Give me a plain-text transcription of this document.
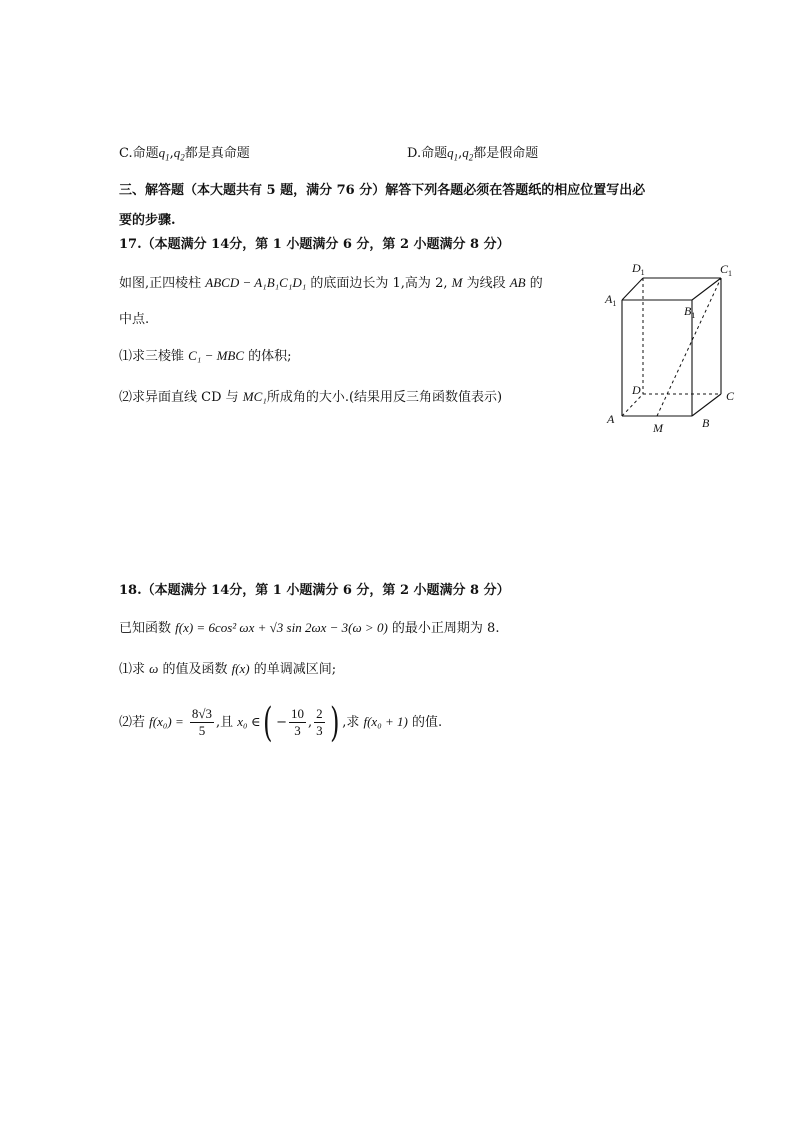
C.命题$q_1,q_2$都是真命题	D.命题$q_1,q_2$都是假命题
三、解答题（本大题共有 5 题，满分 76 分）解答下列各题必须在答题纸的相应位置写出必
要的步骤.
17.（本题满分 14分，第 1 小题满分 6 分，第 2 小题满分 8 分）
如图,正四棱柱 ABCD − A₁B₁C₁D₁ 的底面边长为 1,高为 2, M 为线段 AB 的
中点.
⑴求三棱锥 C₁ − MBC 的体积;
⑵求异面直线 CD 与 MC₁所成角的大小.(结果用反三角函数值表示)
$D_1$	$C_1$
$A_1$
$B_1$
D	C
A
M	B
18.（本题满分 14分，第 1 小题满分 6 分，第 2 小题满分 8 分）
已知函数 f(x) = 6cos² ωx + √3 sin 2ωx − 3(ω > 0) 的最小正周期为 8.
⑴求 ω 的值及函数 f(x) 的单调减区间;
⑵若 $f(x_0) = \frac{8√3}{5}$ ,且 x₀ ∈( − $\frac{10}{3}$ , $\frac{2}{3}$ ) ,求 f(x₀ + 1) 的值.
